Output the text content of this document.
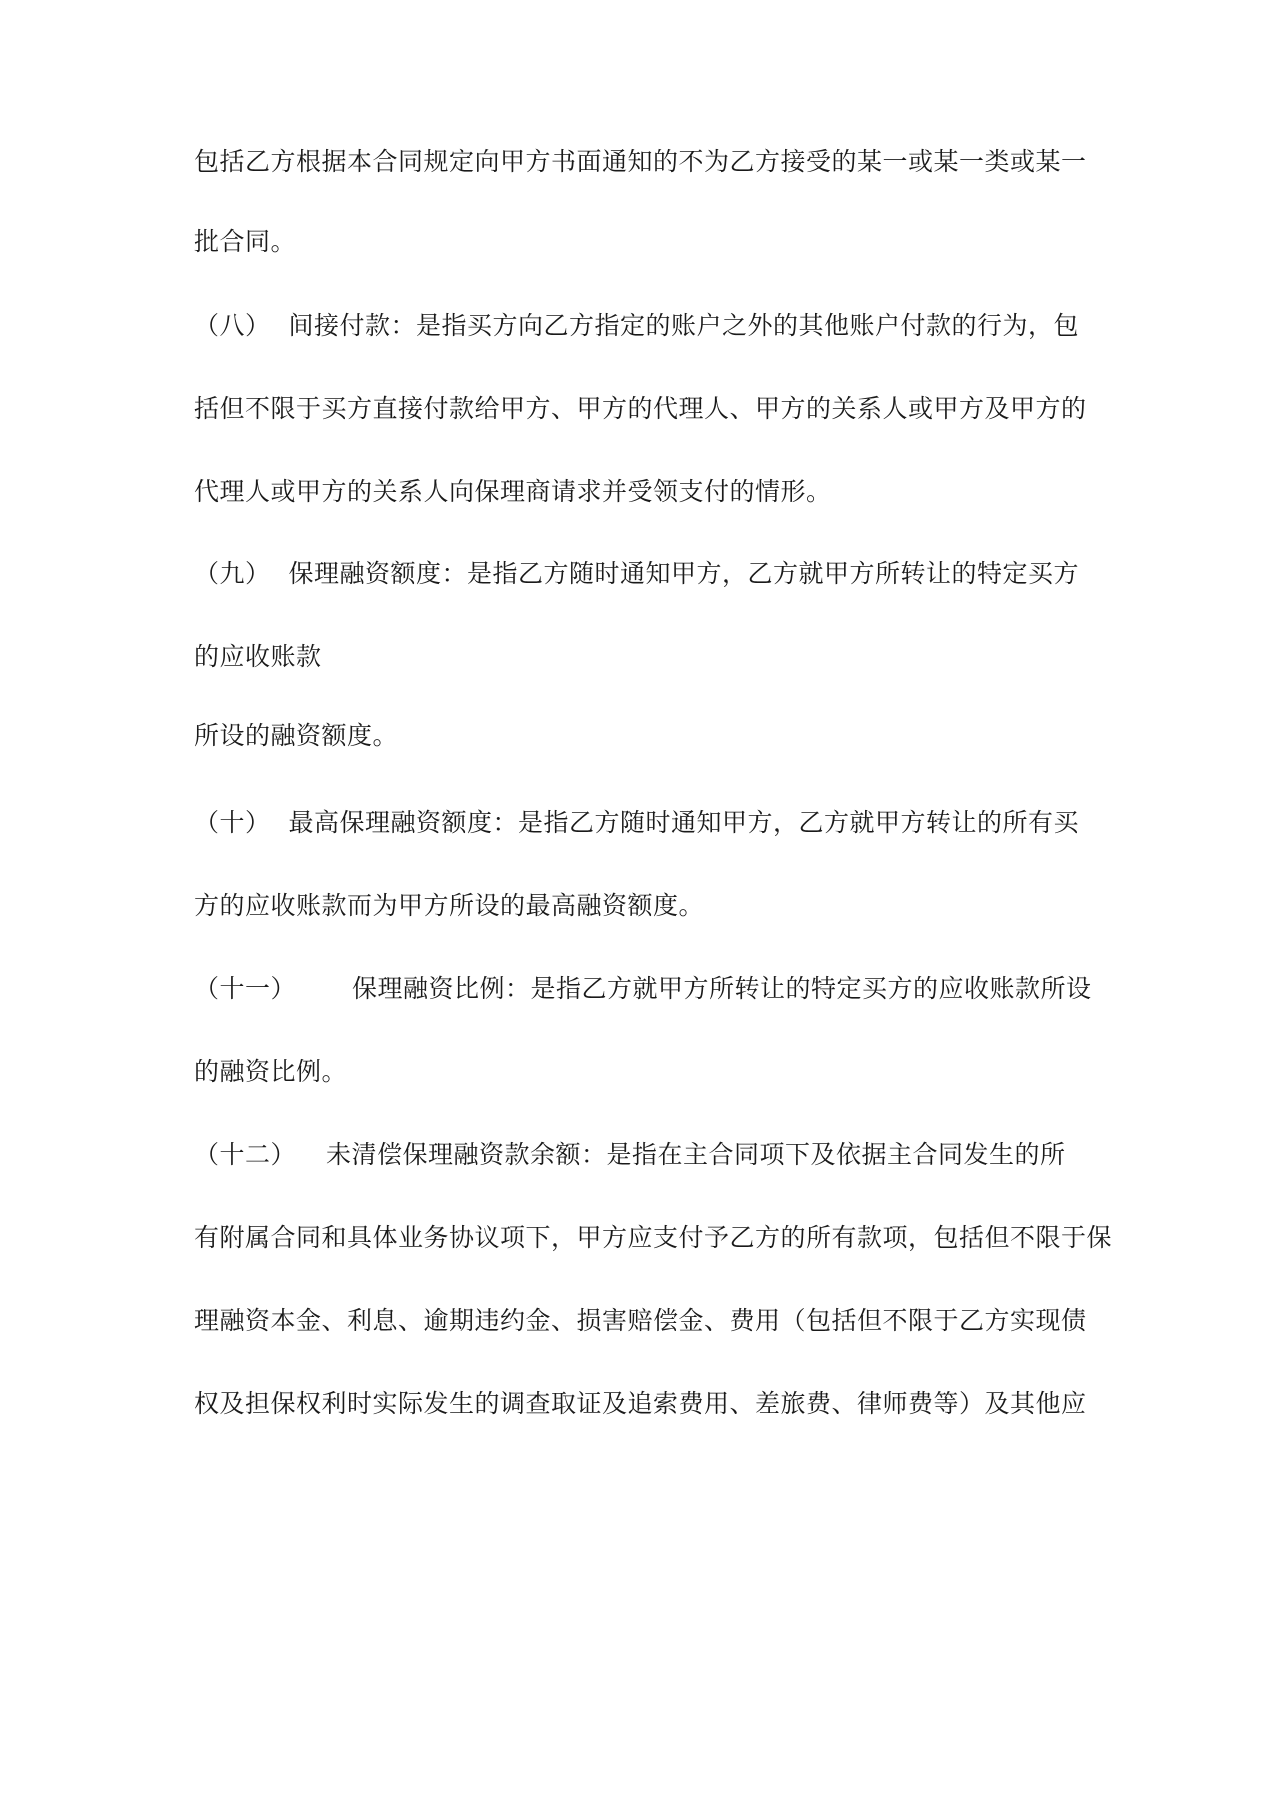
包括乙方根据本合同规定向甲方书面通知的不为乙方接受的某一或某一类或某一
批合同。
（八） 间接付款：是指买方向乙方指定的账户之外的其他账户付款的行为，包
括但不限于买方直接付款给甲方、甲方的代理人、甲方的关系人或甲方及甲方的
代理人或甲方的关系人向保理商请求并受领支付的情形。
（九） 保理融资额度：是指乙方随时通知甲方，乙方就甲方所转让的特定买方
的应收账款
所设的融资额度。
（十） 最高保理融资额度：是指乙方随时通知甲方，乙方就甲方转让的所有买
方的应收账款而为甲方所设的最高融资额度。
（十一） 保理融资比例：是指乙方就甲方所转让的特定买方的应收账款所设
的融资比例。
（十二） 未清偿保理融资款余额：是指在主合同项下及依据主合同发生的所
有附属合同和具体业务协议项下，甲方应支付予乙方的所有款项，包括但不限于保
理融资本金、利息、逾期违约金、损害赔偿金、费用（包括但不限于乙方实现债
权及担保权利时实际发生的调查取证及追索费用、差旅费、律师费等）及其他应
